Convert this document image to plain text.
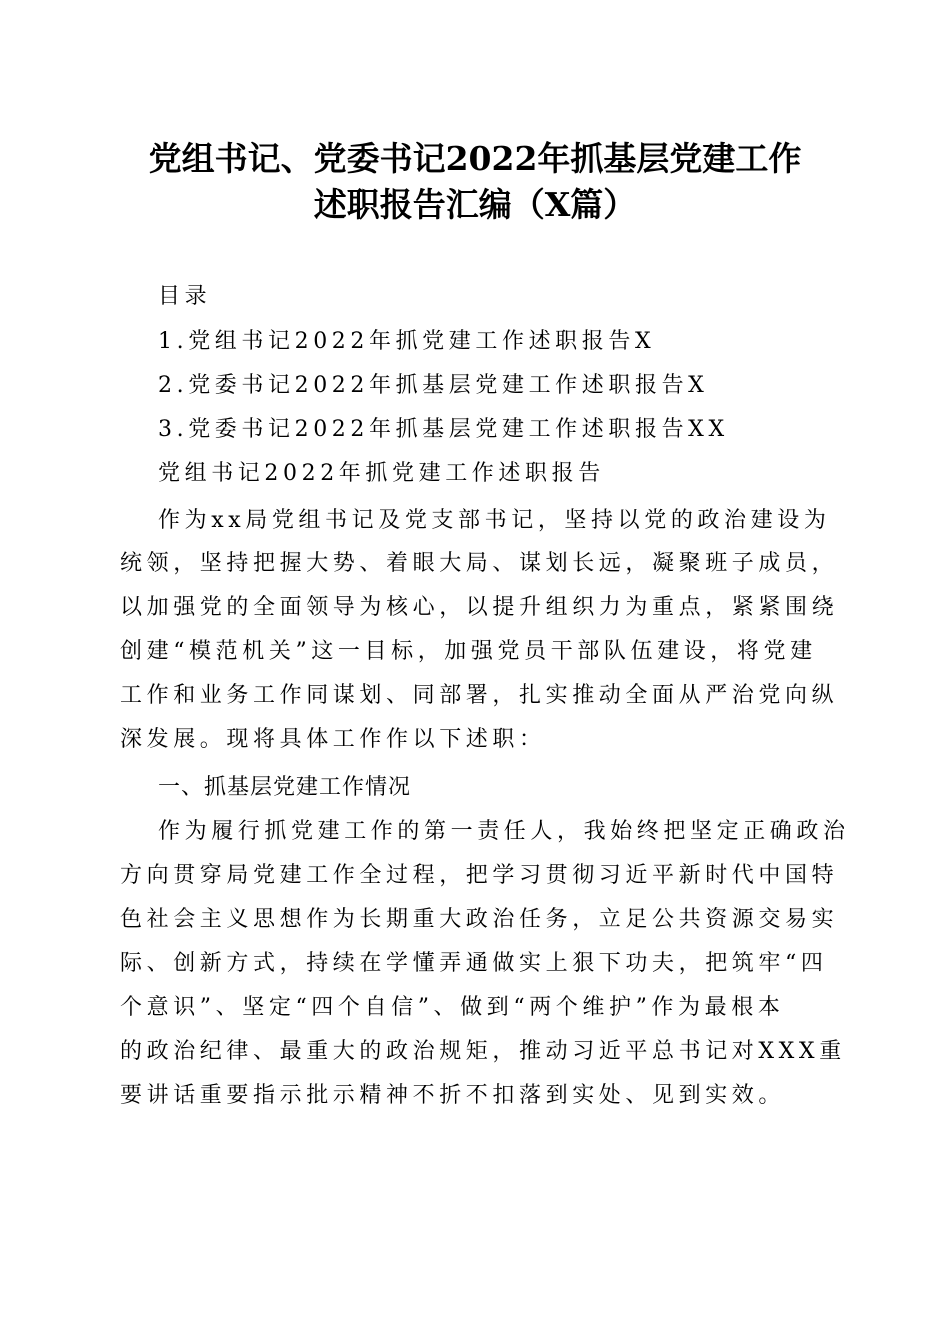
党组书记、党委书记2022年抓基层党建工作
述职报告汇编（X篇）
目录
1.党组书记2022年抓党建工作述职报告X
2.党委书记2022年抓基层党建工作述职报告X
3.党委书记2022年抓基层党建工作述职报告XX
党组书记2022年抓党建工作述职报告
作为xx局党组书记及党支部书记，坚持以党的政治建设为
统领，坚持把握大势、着眼大局、谋划长远，凝聚班子成员，
以加强党的全面领导为核心，以提升组织力为重点，紧紧围绕
创建“模范机关”这一目标，加强党员干部队伍建设，将党建
工作和业务工作同谋划、同部署，扎实推动全面从严治党向纵
深发展。现将具体工作作以下述职：
一、抓基层党建工作情况
作为履行抓党建工作的第一责任人，我始终把坚定正确政治
方向贯穿局党建工作全过程，把学习贯彻习近平新时代中国特
色社会主义思想作为长期重大政治任务，立足公共资源交易实
际、创新方式，持续在学懂弄通做实上狠下功夫，把筑牢“四
个意识”、坚定“四个自信”、做到“两个维护”作为最根本
的政治纪律、最重大的政治规矩，推动习近平总书记对XXX重
要讲话重要指示批示精神不折不扣落到实处、见到实效。
